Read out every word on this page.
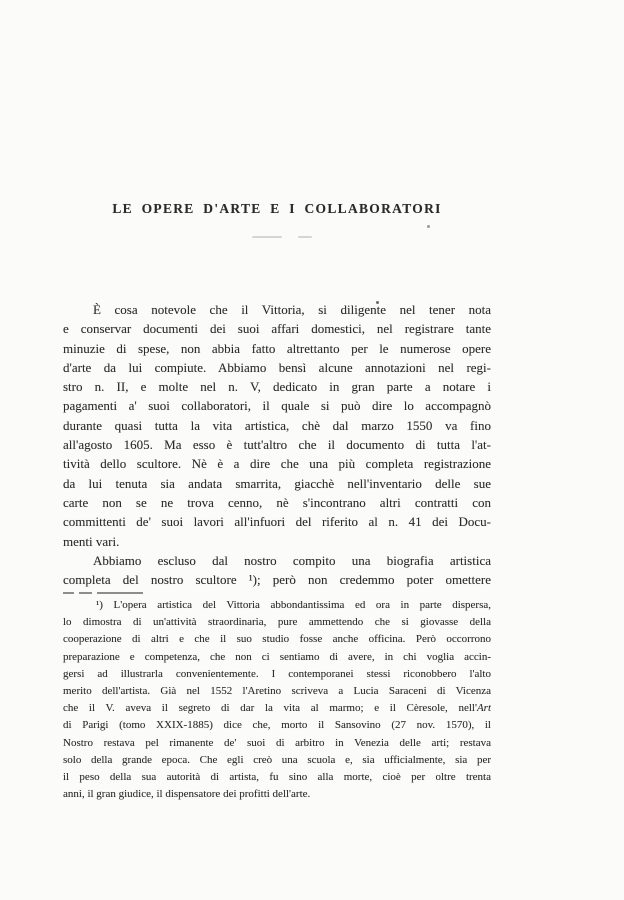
LE OPERE D'ARTE E I COLLABORATORI
È cosa notevole che il Vittoria, si diligente nel tener nota
e conservar documenti dei suoi affari domestici, nel registrare tante
minuzie di spese, non abbia fatto altrettanto per le numerose opere
d'arte da lui compiute. Abbiamo bensì alcune annotazioni nel regi-
stro n. II, e molte nel n. V, dedicato in gran parte a notare i
pagamenti a' suoi collaboratori, il quale si può dire lo accompagnò
durante quasi tutta la vita artistica, chè dal marzo 1550 va fino
all'agosto 1605. Ma esso è tutt'altro che il documento di tutta l'at-
tività dello scultore. Nè è a dire che una più completa registrazione
da lui tenuta sia andata smarrita, giacchè nell'inventario delle sue
carte non se ne trova cenno, nè s'incontrano altri contratti con
committenti de' suoi lavori all'infuori del riferito al n. 41 dei Docu-
menti vari.
Abbiamo escluso dal nostro compito una biografia artistica
completa del nostro scultore ¹); però non credemmo poter omettere
¹) L'opera artistica del Vittoria abbondantissima ed ora in parte dispersa,
lo dimostra di un'attività straordinaria, pure ammettendo che si giovasse della
cooperazione di altri e che il suo studio fosse anche officina. Però occorrono
preparazione e competenza, che non ci sentiamo di avere, in chi voglia accin-
gersi ad illustrarla convenientemente. I contemporanei stessi riconobbero l'alto
merito dell'artista. Già nel 1552 l'Aretino scriveva a Lucia Saraceni di Vicenza
che il V. aveva il segreto di dar la vita al marmo; e il Cèresole, nell'Art
di Parigi (tomo XXIX-1885) dice che, morto il Sansovino (27 nov. 1570), il
Nostro restava pel rimanente de' suoi di arbitro in Venezia delle arti; restava
solo della grande epoca. Che egli creò una scuola e, sia ufficialmente, sia per
il peso della sua autorità di artista, fu sino alla morte, cioè per oltre trenta
anni, il gran giudice, il dispensatore dei profitti dell'arte.
